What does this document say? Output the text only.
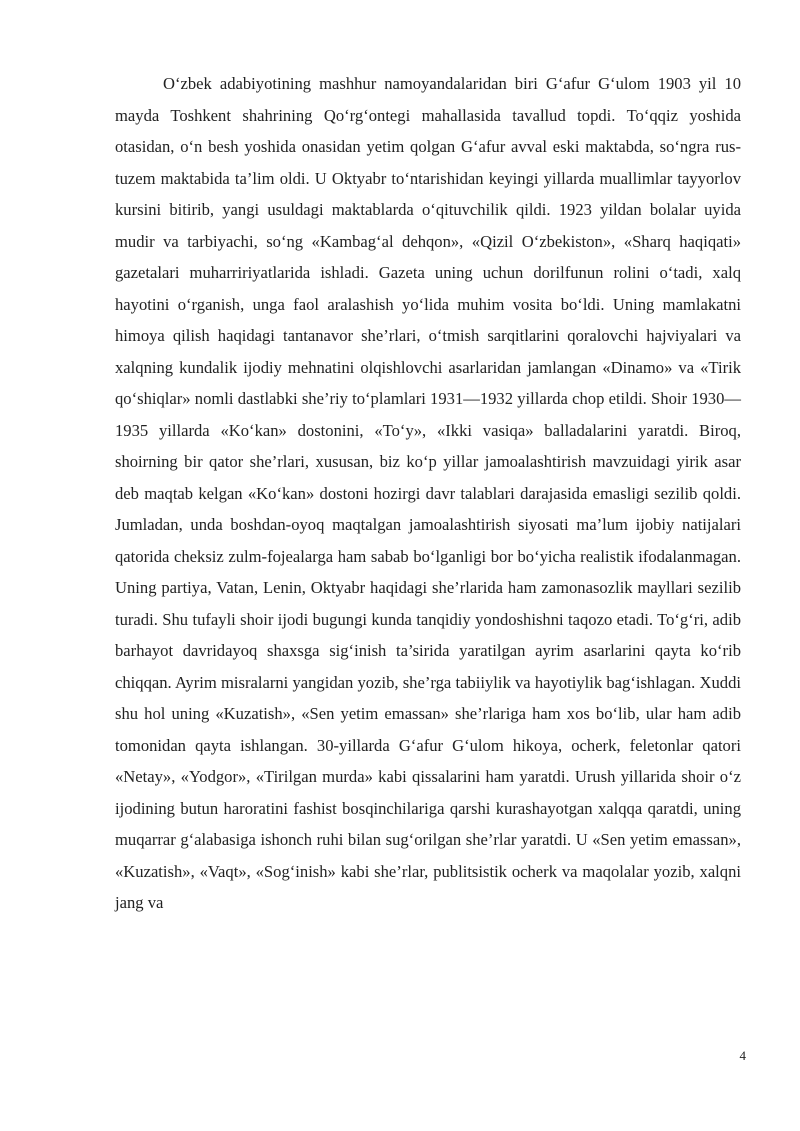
O‘zbek adabiyotining mashhur namoyandalaridan biri G‘afur G‘ulom 1903 yil 10 mayda Toshkent shahrining Qo‘rg‘ontegi mahallasida tavallud topdi. To‘qqiz yoshida otasidan, o‘n besh yoshida onasidan yetim qolgan G‘afur avval eski maktabda, so‘ngra rus-tuzem maktabida ta’lim oldi. U Oktyabr to‘ntarishidan keyingi yillarda muallimlar tayyorlov kursini bitirib, yangi usuldagi maktablarda o‘qituvchilik qildi. 1923 yildan bolalar uyida mudir va tarbiyachi, so‘ng «Kambag‘al dehqon», «Qizil O‘zbekiston», «Sharq haqiqati» gazetalari muharririyatlarida ishladi. Gazeta uning uchun dorilfunun rolini o‘tadi, xalq hayotini o‘rganish, unga faol aralashish yo‘lida muhim vosita bo‘ldi. Uning mamlakatni himoya qilish haqidagi tantanavor she’rlari, o‘tmish sarqitlarini qoralovchi hajviyalari va xalqning kundalik ijodiy mehnatini olqishlovchi asarlaridan jamlangan «Dinamo» va «Tirik qo‘shiqlar» nomli dastlabki she’riy to‘plamlari 1931—1932 yillarda chop etildi. Shoir 1930—1935 yillarda «Ko‘kan» dostonini, «To‘y», «Ikki vasiqa» balladalarini yaratdi. Biroq, shoirning bir qator she’rlari, xususan, biz ko‘p yillar jamoalashtirish mavzuidagi yirik asar deb maqtab kelgan «Ko‘kan» dostoni hozirgi davr talablari darajasida emasligi sezilib qoldi. Jumladan, unda boshdan-oyoq maqtalgan jamoalashtirish siyosati ma’lum ijobiy natijalari qatorida cheksiz zulm-fojealarga ham sabab bo‘lganligi bor bo‘yicha realistik ifodalanmagan. Uning partiya, Vatan, Lenin, Oktyabr haqidagi she’rlarida ham zamonasozlik mayllari sezilib turadi. Shu tufayli shoir ijodi bugungi kunda tanqidiy yondoshishni taqozo etadi. To‘g‘ri, adib barhayot davridayoq shaxsga sig‘inish ta’sirida yaratilgan ayrim asarlarini qayta ko‘rib chiqqan. Ayrim misralarni yangidan yozib, she’rga tabiiylik va hayotiylik bag‘ishlagan. Xuddi shu hol uning «Kuzatish», «Sen yetim emassan» she’rlariga ham xos bo‘lib, ular ham adib tomonidan qayta ishlangan. 30-yillarda G‘afur G‘ulom hikoya, ocherk, feletonlar qatori «Netay», «Yodgor», «Tirilgan murda» kabi qissalarini ham yaratdi. Urush yillarida shoir o‘z ijodining butun haroratini fashist bosqinchilariga qarshi kurashayotgan xalqqa qaratdi, uning muqarrar g‘alabasiga ishonch ruhi bilan sug‘orilgan she’rlar yaratdi. U «Sen yetim emassan», «Kuzatish», «Vaqt», «Sog‘inish» kabi she’rlar, publitsistik ocherk va maqolalar yozib, xalqni jang va

4
